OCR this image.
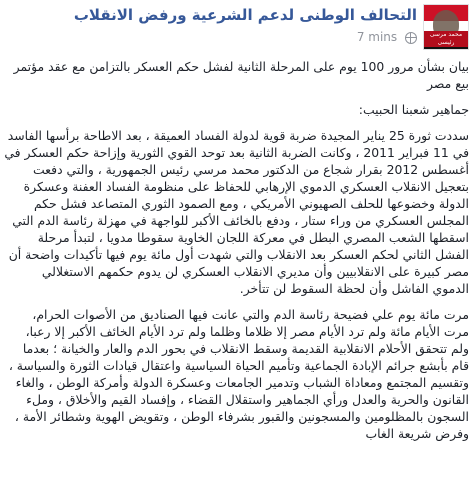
محمد مرسى رئيسى
التحالف الوطنى لدعم الشرعية ورفض الانقلاب
7 mins

بيان بشأن مرور 100 يوم على المرحلة الثانية لفشل حكم العسكر بالتزامن مع عقد مؤتمر بيع مصر

جماهير شعبنا الحبيب:

سددت ثورة 25 يناير المجيدة ضربة قوية لدولة الفساد العميقة ، بعد الاطاحة برأسها الفاسد في 11 فبراير 2011 ، وكانت الضربة الثانية بعد توحد القوي الثورية وإزاحة حكم العسكر في أغسطس 2012 بقرار شجاع من الدكتور محمد مرسي رئيس الجمهورية ، والتي دفعت بتعجيل الانقلاب العسكري الدموي الإرهابي للحفاظ على منظومة الفساد العفنة وعسكرة الدولة وخضوعها للحلف الصهيوني الأمريكي ، ومع الصمود الثوري المتصاعد فشل حكم المجلس العسكري من وراء ستار ، ودفع بالخائف الأكبر للواجهة في مهزلة رئاسة الدم التي اسقطها الشعب المصري البطل في معركة اللجان الخاوية سقوطا مدويا ، لتبدأ مرحلة الفشل الثاني لحكم العسكر بعد الانقلاب والتي شهدت أول مائة يوم فيها تأكيدات واضحة أن مصر كبيرة على الانقلابيين وأن مديري الانقلاب العسكري لن يدوم حكمهم الاستغلالي الدموي الفاشل وأن لحظة السقوط لن تتأخر.

مرت مائة يوم علي فضيحة رئاسة الدم والتي عانت فيها الصناديق من الأصوات الحرام، مرت الأيام مائة ولم ترد الأيام مصر إلا ظلاما وظلما ولم ترد الأيام الخائف الأكبر إلا رعبا، ولم تتحقق الأحلام الانقلابية القديمة وسقط الانقلاب في بحور الدم والعار والخيانة ؛ بعدما قام بأبشع جرائم الإبادة الجماعية وتأميم الحياة السياسية واعتقال قيادات الثورة والسياسة ، وتقسيم المجتمع ومعاداة الشباب وتدمير الجامعات وعسكرة الدولة وأمركة الوطن ، والغاء القانون والحرية والعدل ورأي الجماهير واستقلال القضاء ، وإفساد القيم والأخلاق ، وملء السجون بالمظلومين والمسجونين والقبور بشرفاء الوطن ، وتقويض الهوية وشطائر الأمة ، وفرض شريعة الغاب
